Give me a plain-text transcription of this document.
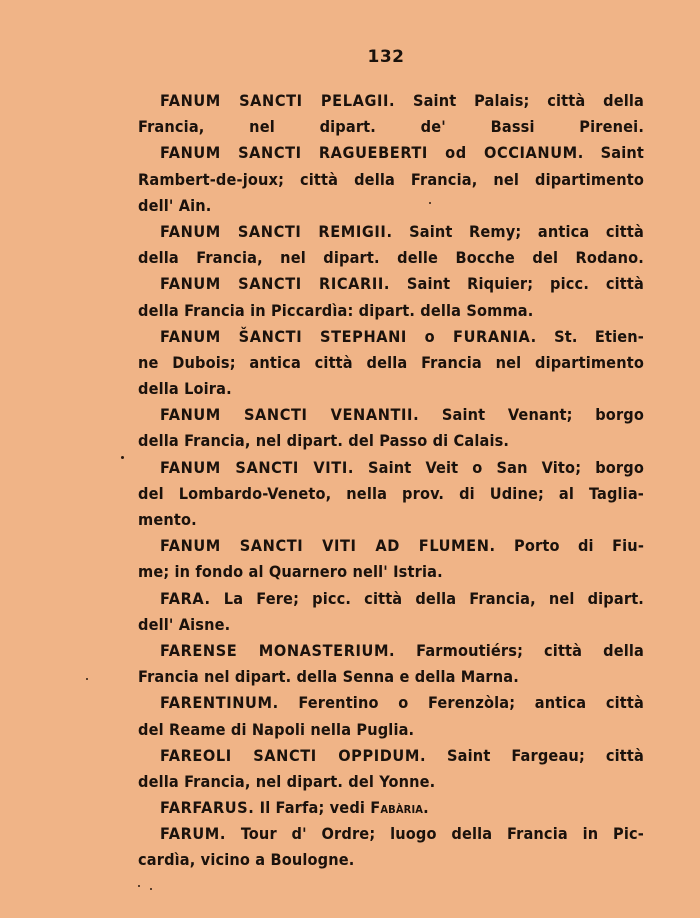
132
FANUM SANCTI PELAGII. Saint Palais; città della
Francia, nel dipart. de' Bassi Pirenei.
FANUM SANCTI RAGUEBERTI od OCCIANUM. Saint
Rambert-de-joux; città della Francia, nel dipartimento
dell' Ain.
FANUM SANCTI REMIGII. Saint Remy; antica città
della Francia, nel dipart. delle Bocche del Rodano.
FANUM SANCTI RICARII. Saint Riquier; picc. città
della Francia in Piccardìa: dipart. della Somma.
FANUM ŠANCTI STEPHANI o FURANIA. St. Etien-
ne Dubois; antica città della Francia nel dipartimento
della Loira.
FANUM SANCTI VENANTII. Saint Venant; borgo
della Francia, nel dipart. del Passo di Calais.
FANUM SANCTI VITI. Saint Veit o San Vito; borgo
del Lombardo-Veneto, nella prov. di Udine; al Taglia-
mento.
FANUM SANCTI VITI AD FLUMEN. Porto di Fiu-
me; in fondo al Quarnero nell' Istria.
FARA. La Fere; picc. città della Francia, nel dipart.
dell' Aisne.
FARENSE MONASTERIUM. Farmoutiérs; città della
Francia nel dipart. della Senna e della Marna.
FARENTINUM. Ferentino o Ferenzòla; antica città
del Reame di Napoli nella Puglia.
FAREOLI SANCTI OPPIDUM. Saint Fargeau; città
della Francia, nel dipart. del Yonne.
FARFARUS. Il Farfa; vedi Fabària.
FARUM. Tour d' Ordre; luogo della Francia in Pic-
cardìa, vicino a Boulogne.
